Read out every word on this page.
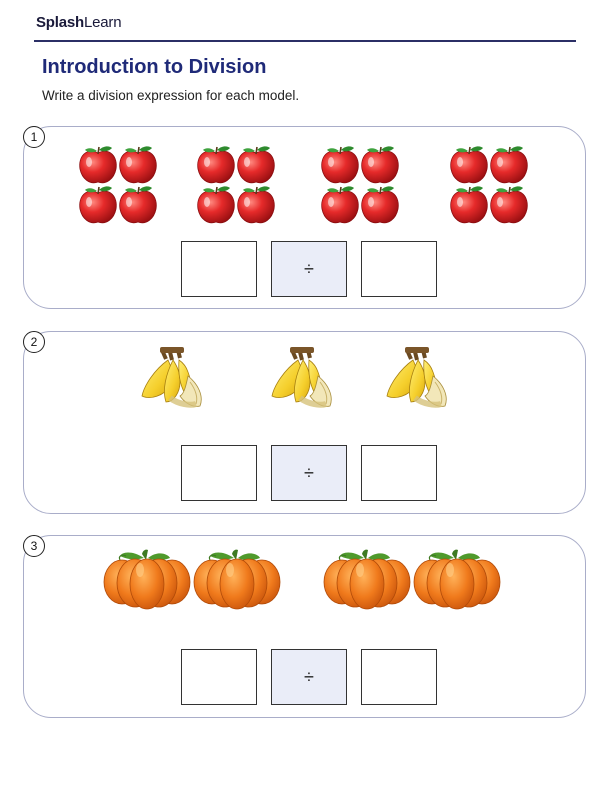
SplashLearn
Introduction to Division
Write a division expression for each model.
1
÷
2
÷
3
÷
